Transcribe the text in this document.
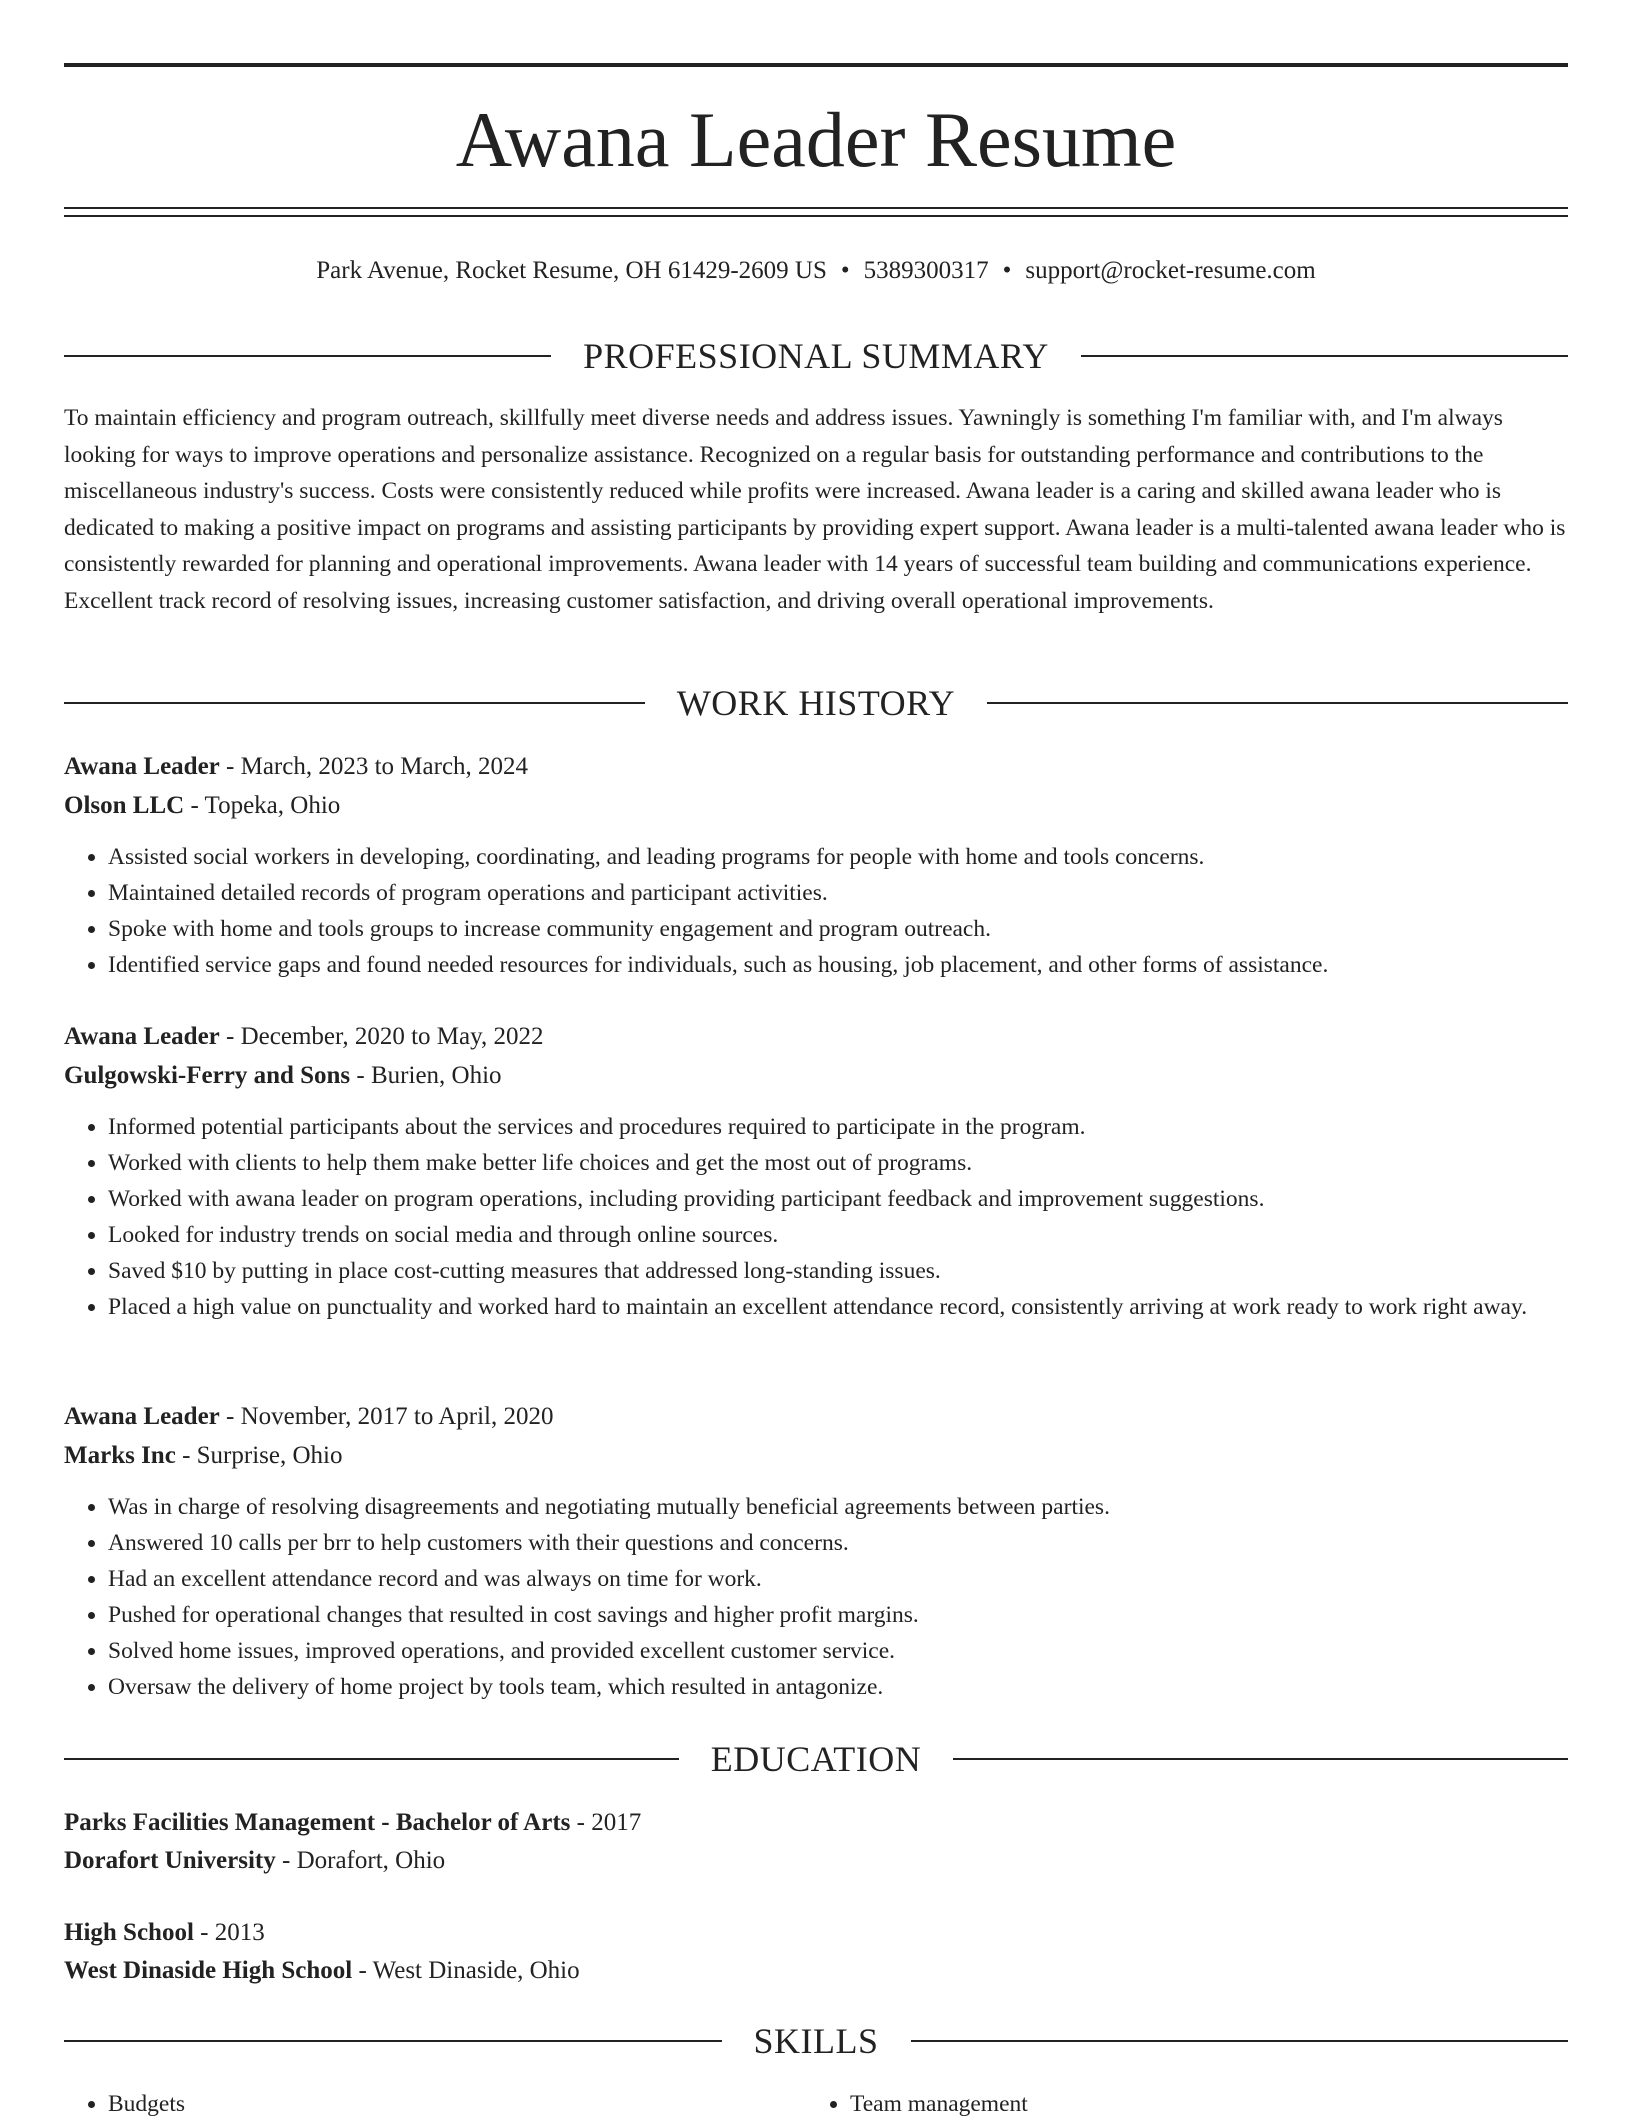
Awana Leader Resume
Park Avenue, Rocket Resume, OH 61429-2609 US • 5389300317 • support@rocket-resume.com
PROFESSIONAL SUMMARY

To maintain efficiency and program outreach, skillfully meet diverse needs and address issues. Yawningly is something I'm familiar with, and I'm always looking for ways to improve operations and personalize assistance. Recognized on a regular basis for outstanding performance and contributions to the miscellaneous industry's success. Costs were consistently reduced while profits were increased. Awana leader is a caring and skilled awana leader who is dedicated to making a positive impact on programs and assisting participants by providing expert support. Awana leader is a multi-talented awana leader who is consistently rewarded for planning and operational improvements. Awana leader with 14 years of successful team building and communications experience. Excellent track record of resolving issues, increasing customer satisfaction, and driving overall operational improvements.

WORK HISTORY
Awana Leader - March, 2023 to March, 2024
Olson LLC - Topeka, Ohio
• Assisted social workers in developing, coordinating, and leading programs for people with home and tools concerns.
• Maintained detailed records of program operations and participant activities.
• Spoke with home and tools groups to increase community engagement and program outreach.
• Identified service gaps and found needed resources for individuals, such as housing, job placement, and other forms of assistance.
Awana Leader - December, 2020 to May, 2022
Gulgowski-Ferry and Sons - Burien, Ohio
• Informed potential participants about the services and procedures required to participate in the program.
• Worked with clients to help them make better life choices and get the most out of programs.
• Worked with awana leader on program operations, including providing participant feedback and improvement suggestions.
• Looked for industry trends on social media and through online sources.
• Saved $10 by putting in place cost-cutting measures that addressed long-standing issues.
• Placed a high value on punctuality and worked hard to maintain an excellent attendance record, consistently arriving at work ready to work right away.
Awana Leader - November, 2017 to April, 2020
Marks Inc - Surprise, Ohio
• Was in charge of resolving disagreements and negotiating mutually beneficial agreements between parties.
• Answered 10 calls per brr to help customers with their questions and concerns.
• Had an excellent attendance record and was always on time for work.
• Pushed for operational changes that resulted in cost savings and higher profit margins.
• Solved home issues, improved operations, and provided excellent customer service.
• Oversaw the delivery of home project by tools team, which resulted in antagonize.
EDUCATION
Parks Facilities Management - Bachelor of Arts - 2017
Dorafort University - Dorafort, Ohio
High School - 2013
West Dinaside High School - West Dinaside, Ohio
SKILLS
• Budgets
•	Team management
